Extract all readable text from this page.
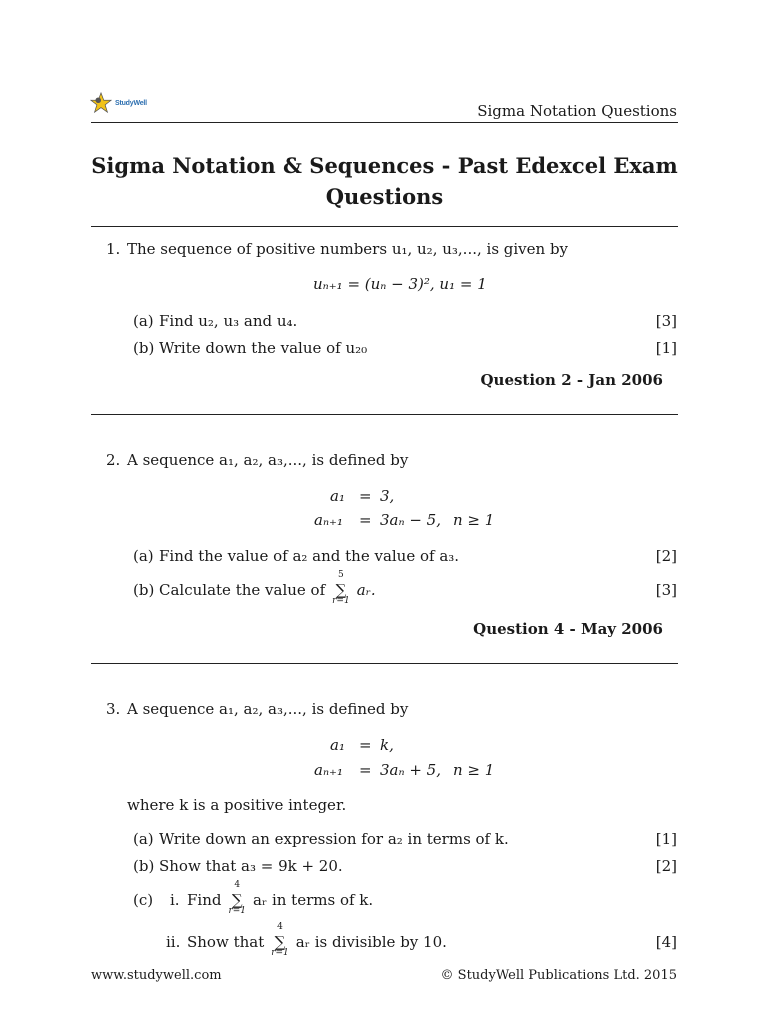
StudyWell	Sigma Notation Questions
Sigma Notation & Sequences - Past Edexcel Exam
Questions
1. The sequence of positive numbers u₁, u₂, u₃,..., is given by
uₙ₊₁ = (uₙ − 3)², u₁ = 1
(a) Find u₂, u₃ and u₄.	[3]
(b) Write down the value of u₂₀	[1]
Question 2 - Jan 2006
2. A sequence a₁, a₂, a₃,..., is defined by
a₁ = 3,
aₙ₊₁ = 3aₙ − 5, n ≥ 1
(a) Find the value of a₂ and the value of a₃.	[2]
(b) Calculate the value of ∑
5
r=1
aᵣ.	[3]
Question 4 - May 2006
3. A sequence a₁, a₂, a₃,..., is defined by
a₁ = k,
aₙ₊₁ = 3aₙ + 5, n ≥ 1
where k is a positive integer.
(a) Write down an expression for a₂ in terms of k.	[1]
(b) Show that a₃ = 9k + 20.	[2]
(c) i. Find ∑
4
r=1
aᵣ in terms of k.
ii. Show that ∑
4
r=1
aᵣ is divisible by 10.	[4]
www.studywell.com	© StudyWell Publications Ltd. 2015
